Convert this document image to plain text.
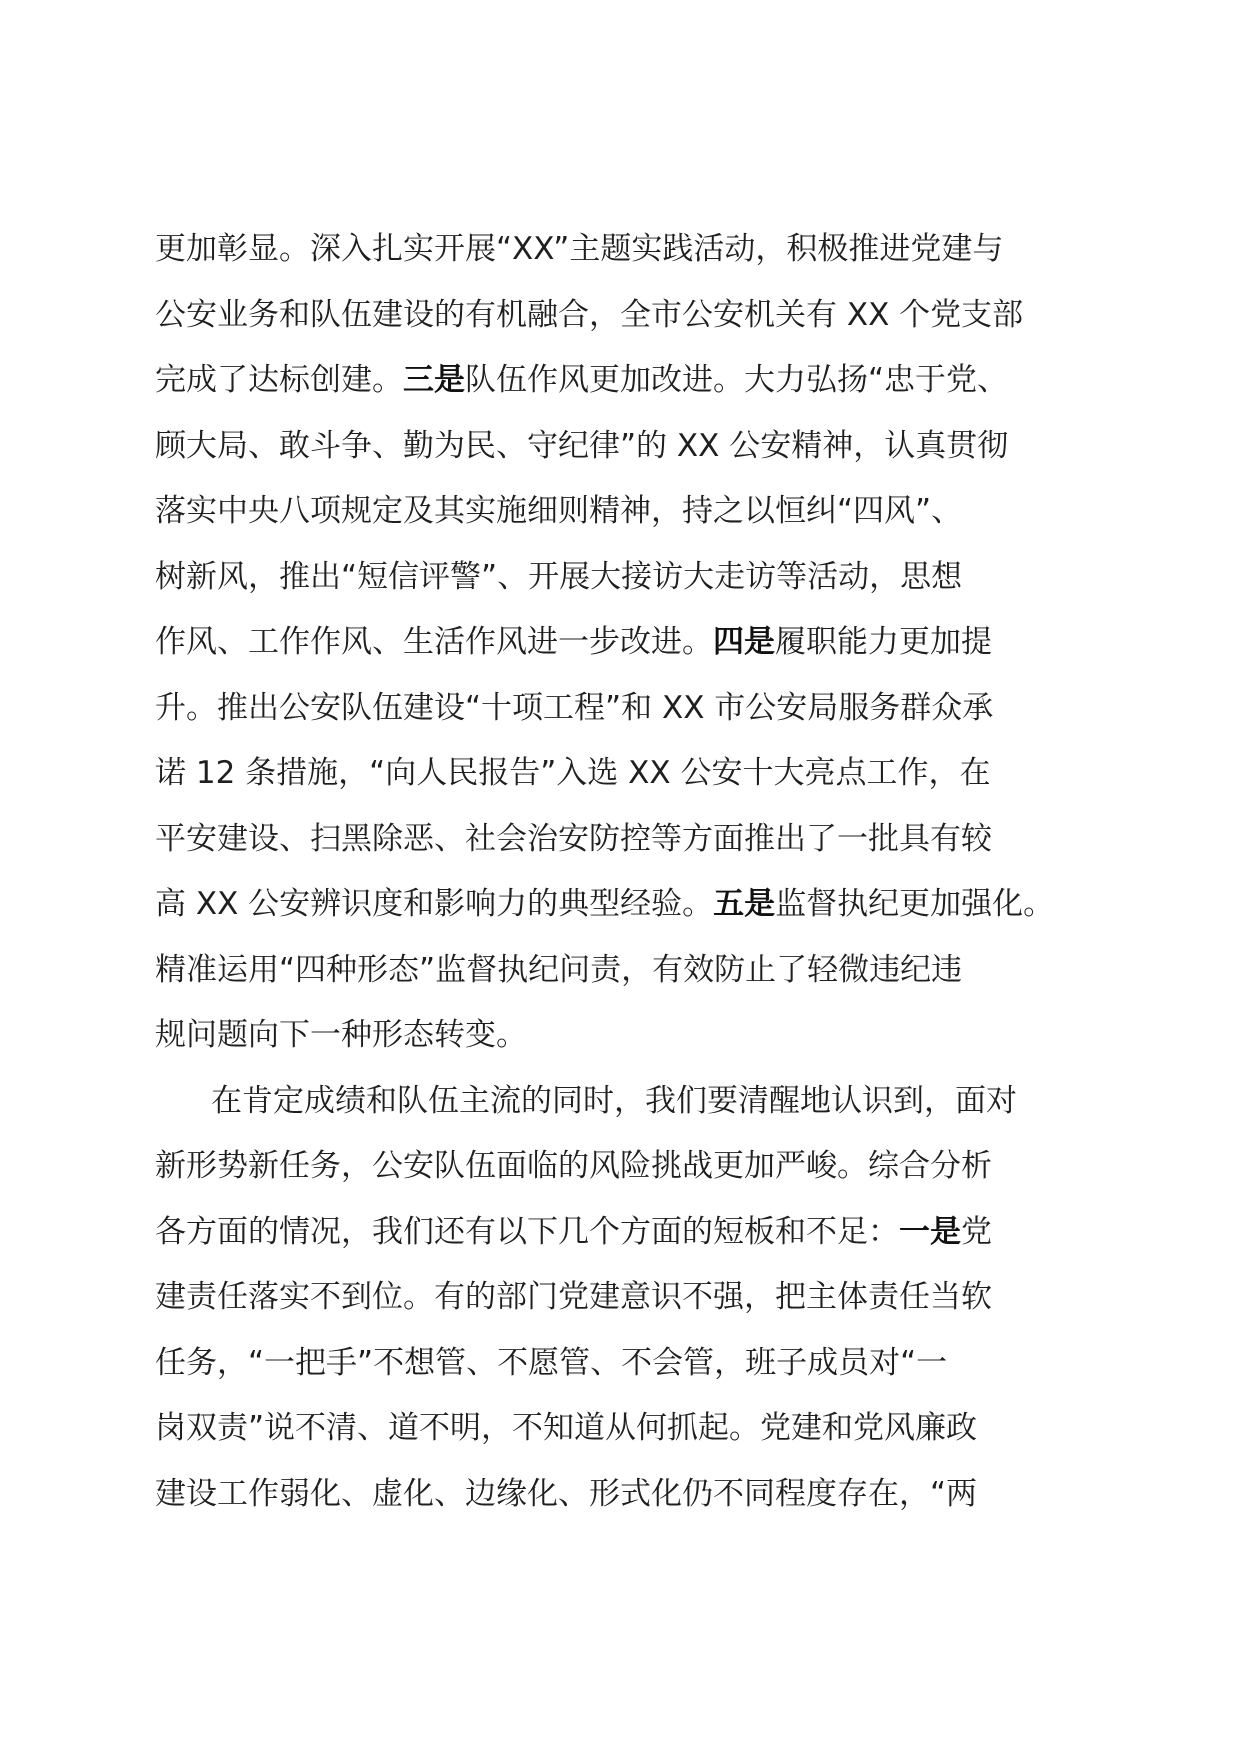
更加彰显。深入扎实开展“XX”主题实践活动，积极推进党建与
公安业务和队伍建设的有机融合，全市公安机关有 XX 个党支部
完成了达标创建。三是队伍作风更加改进。大力弘扬“忠于党、
顾大局、敢斗争、勤为民、守纪律”的 XX 公安精神，认真贯彻
落实中央八项规定及其实施细则精神，持之以恒纠“四风”、
树新风，推出“短信评警”、开展大接访大走访等活动，思想
作风、工作作风、生活作风进一步改进。四是履职能力更加提
升。推出公安队伍建设“十项工程”和 XX 市公安局服务群众承
诺 12 条措施，“向人民报告”入选 XX 公安十大亮点工作，在
平安建设、扫黑除恶、社会治安防控等方面推出了一批具有较
高 XX 公安辨识度和影响力的典型经验。五是监督执纪更加强化。
精准运用“四种形态”监督执纪问责，有效防止了轻微违纪违
规问题向下一种形态转变。
在肯定成绩和队伍主流的同时，我们要清醒地认识到，面对
新形势新任务，公安队伍面临的风险挑战更加严峻。综合分析
各方面的情况，我们还有以下几个方面的短板和不足：一是党
建责任落实不到位。有的部门党建意识不强，把主体责任当软
任务，“一把手”不想管、不愿管、不会管，班子成员对“一
岗双责”说不清、道不明，不知道从何抓起。党建和党风廉政
建设工作弱化、虚化、边缘化、形式化仍不同程度存在，“两
